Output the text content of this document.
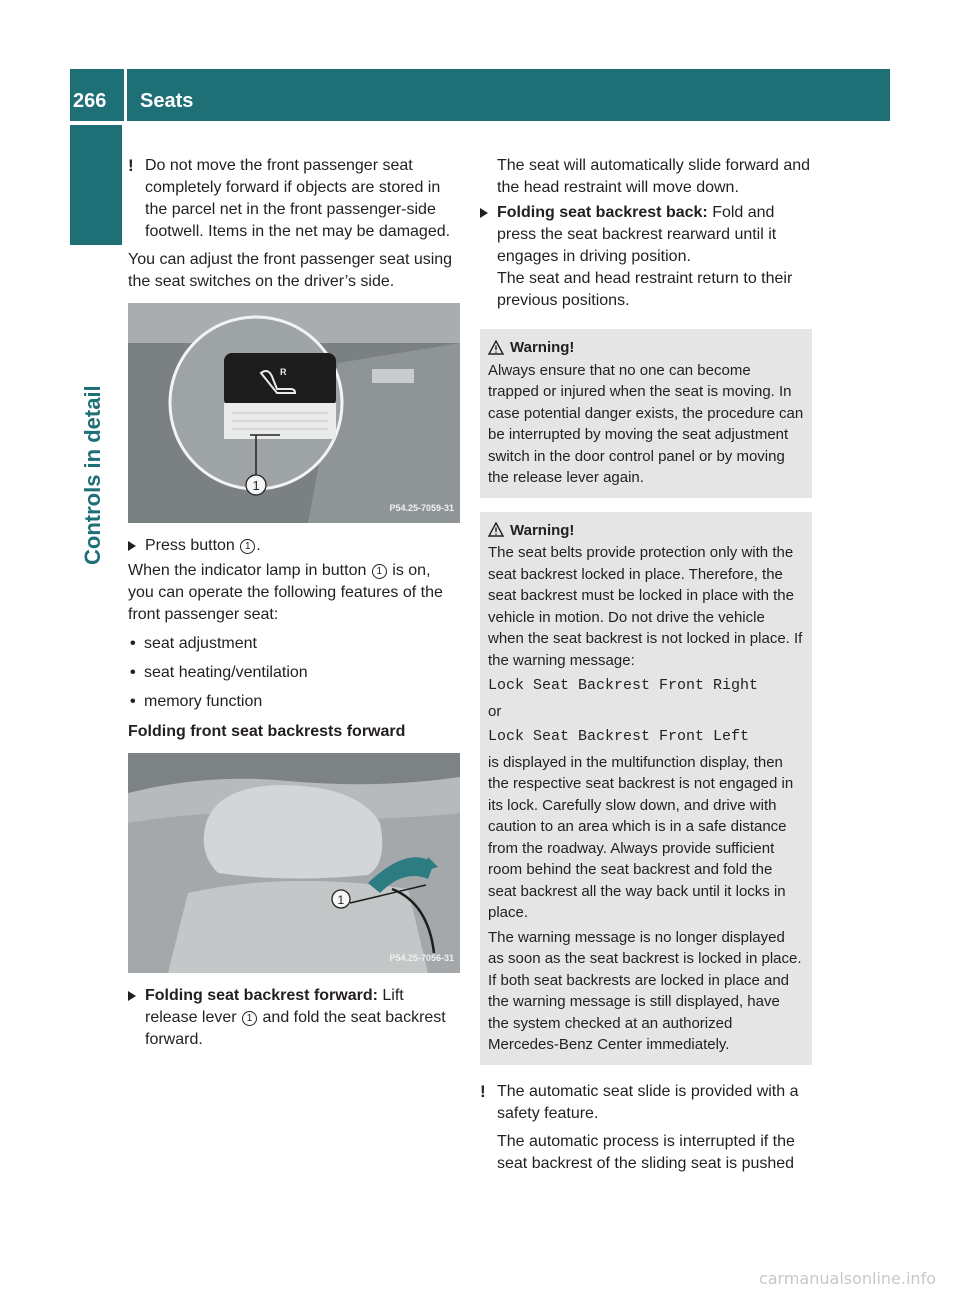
266 Seats
Controls in detail

! Do not move the front passenger seat completely forward if objects are stored in the parcel net in the front passenger-side footwell. Items in the net may be damaged.

You can adjust the front passenger seat using the seat switches on the driver’s side.

R
1
P54.25-7059-31

Press button 1 .

When the indicator lamp in button 1 is on, you can operate the following features of the front passenger seat:

• seat adjustment

• seat heating/ventilation

• memory function

Folding front seat backrests forward

1
P54.25-7056-31

Folding seat backrest forward: Lift release lever 1 and fold the seat backrest forward.

The seat will automatically slide forward and the head restraint will move down.

Folding seat backrest back: Fold and press the seat backrest rearward until it engages in driving position.

The seat and head restraint return to their previous positions.

Warning!

Always ensure that no one can become trapped or injured when the seat is moving. In case potential danger exists, the procedure can be interrupted by moving the seat adjustment switch in the door control panel or by moving the release lever again.

Warning!

The seat belts provide protection only with the seat backrest locked in place. Therefore, the seat backrest must be locked in place with the vehicle in motion. Do not drive the vehicle when the seat backrest is not locked in place. If the warning message:

Lock Seat Backrest Front Right

or

Lock Seat Backrest Front Left

is displayed in the multifunction display, then the respective seat backrest is not engaged in its lock. Carefully slow down, and drive with caution to an area which is in a safe distance from the roadway. Always provide sufficient room behind the seat backrest and fold the seat backrest all the way back until it locks in place.

The warning message is no longer displayed as soon as the seat backrest is locked in place. If both seat backrests are locked in place and the warning message is still displayed, have the system checked at an authorized Mercedes-Benz Center immediately.

! The automatic seat slide is provided with a safety feature.

The automatic process is interrupted if the seat backrest of the sliding seat is pushed

carmanualsonline.info
